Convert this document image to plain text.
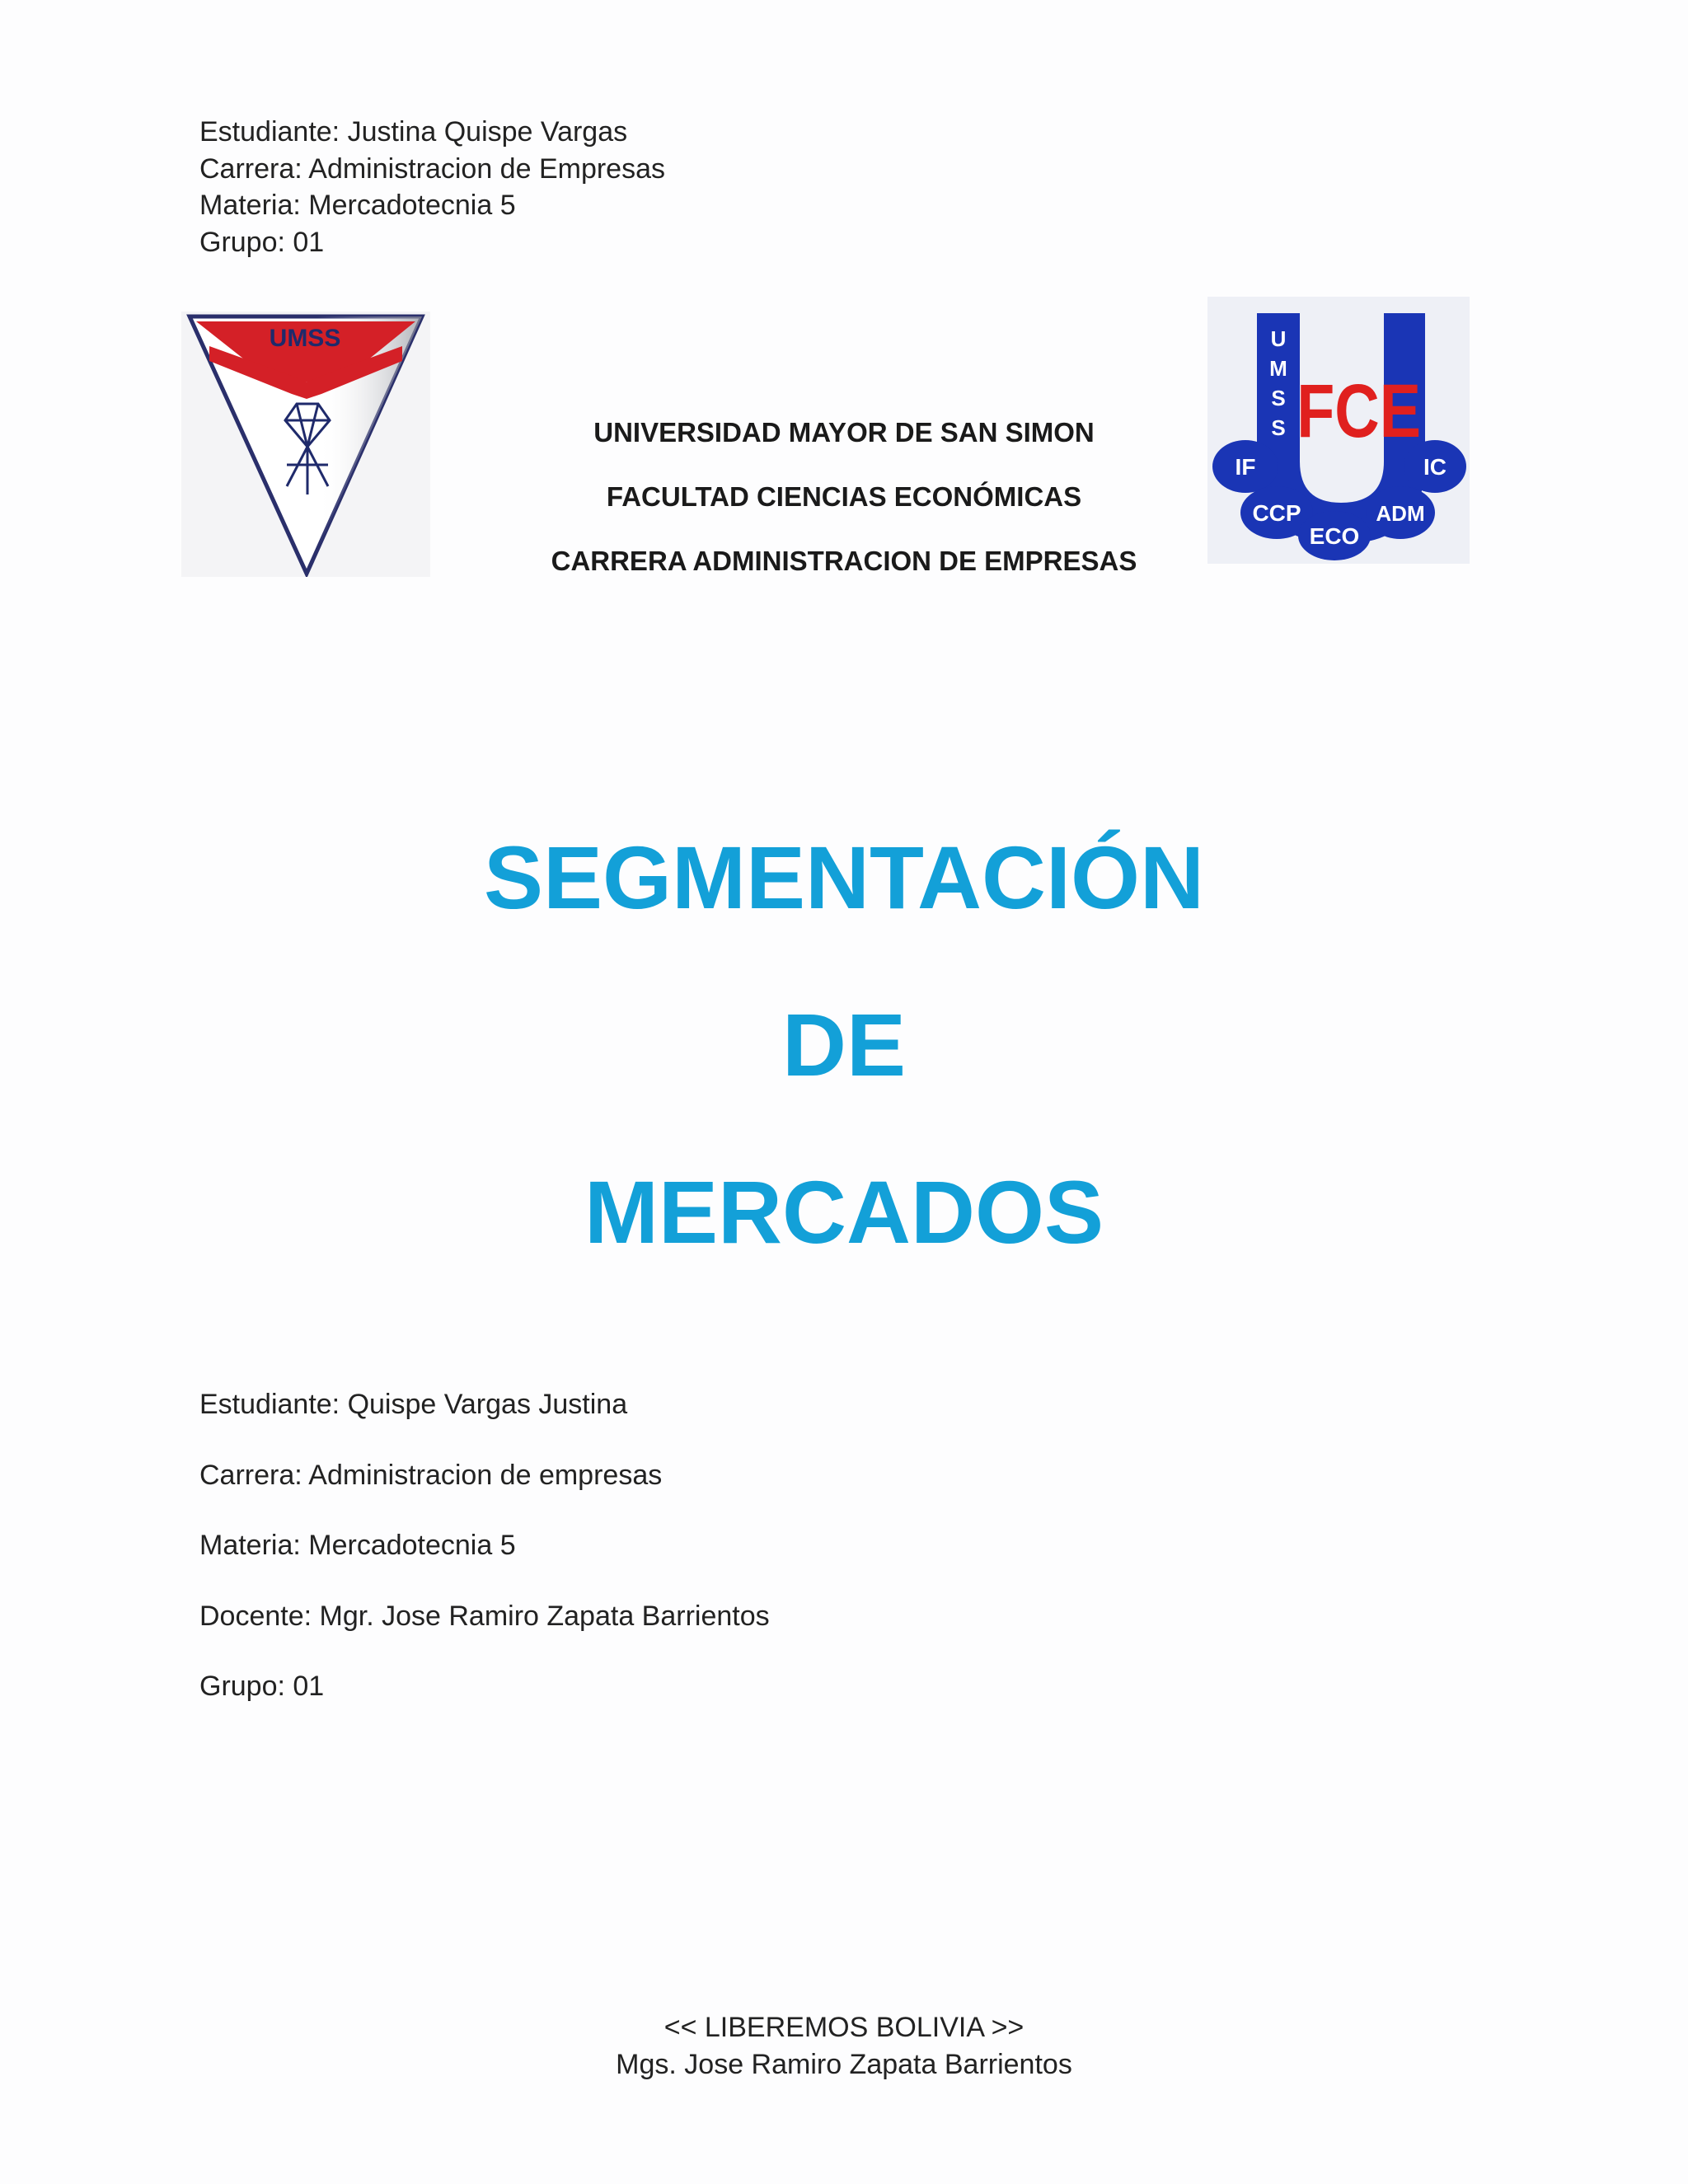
Estudiante: Justina Quispe Vargas
Carrera: Administracion de Empresas
Materia: Mercadotecnia 5
Grupo: 01
UMSS
UNIVERSIDAD MAYOR DE SAN SIMON
FACULTAD CIENCIAS ECONÓMICAS
CARRERA ADMINISTRACION DE EMPRESAS
U
M
S
S FCE
IF
CCP
ECO
ADM
IC
SEGMENTACIÓN
DE
MERCADOS
Estudiante: Quispe Vargas Justina
Carrera: Administracion de empresas
Materia: Mercadotecnia 5
Docente: Mgr. Jose Ramiro Zapata Barrientos
Grupo: 01
<< LIBEREMOS BOLIVIA >>
Mgs. Jose Ramiro Zapata Barrientos
